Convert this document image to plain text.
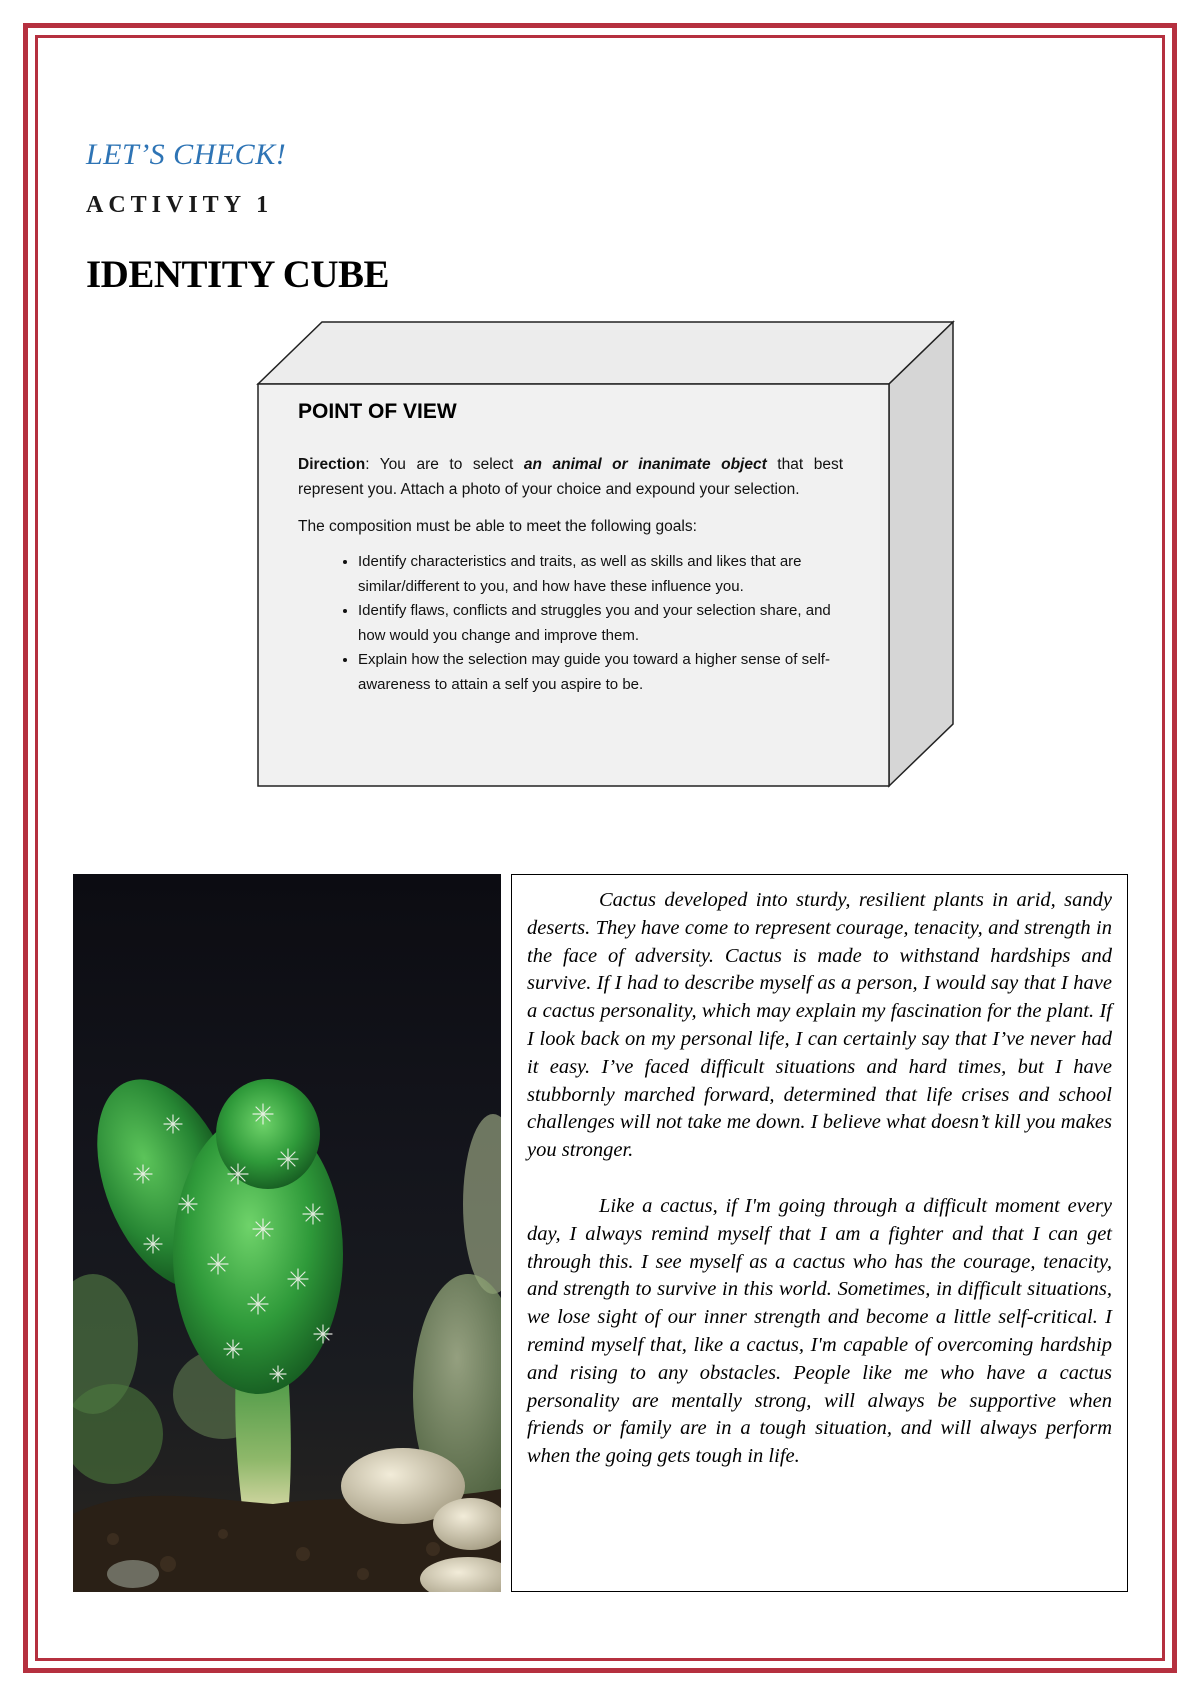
LET’S CHECK!
ACTIVITY 1
IDENTITY CUBE
POINT OF VIEW

Direction: You are to select an animal or inanimate object that best represent you. Attach a photo of your choice and expound your selection.

The composition must be able to meet the following goals:

• Identify characteristics and traits, as well as skills and likes that are similar/different to you, and how have these influence you.
• Identify flaws, conflicts and struggles you and your selection share, and how would you change and improve them.
• Explain how the selection may guide you toward a higher sense of self-awareness to attain a self you aspire to be.

Cactus developed into sturdy, resilient plants in arid, sandy deserts. They have come to represent courage, tenacity, and strength in the face of adversity. Cactus is made to withstand hardships and survive. If I had to describe myself as a person, I would say that I have a cactus personality, which may explain my fascination for the plant. If I look back on my personal life, I can certainly say that I’ve never had it easy. I’ve faced difficult situations and hard times, but I have stubbornly marched forward, determined that life crises and school challenges will not take me down. I believe what doesn’t kill you makes you stronger.

Like a cactus, if I'm going through a difficult moment every day, I always remind myself that I am a fighter and that I can get through this. I see myself as a cactus who has the courage, tenacity, and strength to survive in this world. Sometimes, in difficult situations, we lose sight of our inner strength and become a little self-critical. I remind myself that, like a cactus, I'm capable of overcoming hardship and rising to any obstacles. People like me who have a cactus personality are mentally strong, will always be supportive when friends or family are in a tough situation, and will always perform when the going gets tough in life.
